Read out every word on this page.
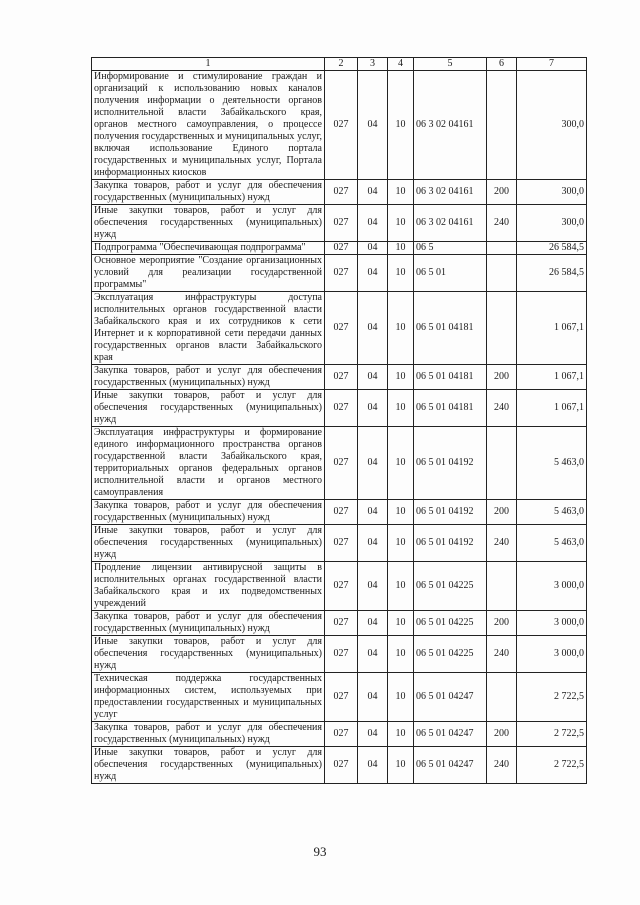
1	2	3	4	5	6	7
Информирование и стимулирование граждан и организаций к использованию новых каналов получения информации о деятельности органов исполнительной власти Забайкальского края, органов местного самоуправления, о процессе получения государственных и муниципальных услуг, включая использование Единого портала государственных и муниципальных услуг, Портала информационных киосков	027	04	10	06 3 02 04161		300,0
Закупка товаров, работ и услуг для обеспечения государственных (муниципальных) нужд	027	04	10	06 3 02 04161	200	300,0
Иные закупки товаров, работ и услуг для обеспечения государственных (муниципальных) нужд	027	04	10	06 3 02 04161	240	300,0
Подпрограмма "Обеспечивающая подпрограмма"	027	04	10	06 5		26 584,5
Основное мероприятие "Создание организационных условий для реализации государственной программы"	027	04	10	06 5 01		26 584,5
Эксплуатация инфраструктуры доступа исполнительных органов государственной власти Забайкальского края и их сотрудников к сети Интернет и к корпоративной сети передачи данных государственных органов власти Забайкальского края	027	04	10	06 5 01 04181		1 067,1
Закупка товаров, работ и услуг для обеспечения государственных (муниципальных) нужд	027	04	10	06 5 01 04181	200	1 067,1
Иные закупки товаров, работ и услуг для обеспечения государственных (муниципальных) нужд	027	04	10	06 5 01 04181	240	1 067,1
Эксплуатация инфраструктуры и формирование единого информационного пространства органов государственной власти Забайкальского края, территориальных органов федеральных органов исполнительной власти и органов местного самоуправления	027	04	10	06 5 01 04192		5 463,0
Закупка товаров, работ и услуг для обеспечения государственных (муниципальных) нужд	027	04	10	06 5 01 04192	200	5 463,0
Иные закупки товаров, работ и услуг для обеспечения государственных (муниципальных) нужд	027	04	10	06 5 01 04192	240	5 463,0
Продление лицензии антивирусной защиты в исполнительных органах государственной власти Забайкальского края и их подведомственных учреждений	027	04	10	06 5 01 04225		3 000,0
Закупка товаров, работ и услуг для обеспечения государственных (муниципальных) нужд	027	04	10	06 5 01 04225	200	3 000,0
Иные закупки товаров, работ и услуг для обеспечения государственных (муниципальных) нужд	027	04	10	06 5 01 04225	240	3 000,0
Техническая поддержка государственных информационных систем, используемых при предоставлении государственных и муниципальных услуг	027	04	10	06 5 01 04247		2 722,5
Закупка товаров, работ и услуг для обеспечения государственных (муниципальных) нужд	027	04	10	06 5 01 04247	200	2 722,5
Иные закупки товаров, работ и услуг для обеспечения государственных (муниципальных) нужд	027	04	10	06 5 01 04247	240	2 722,5
93
